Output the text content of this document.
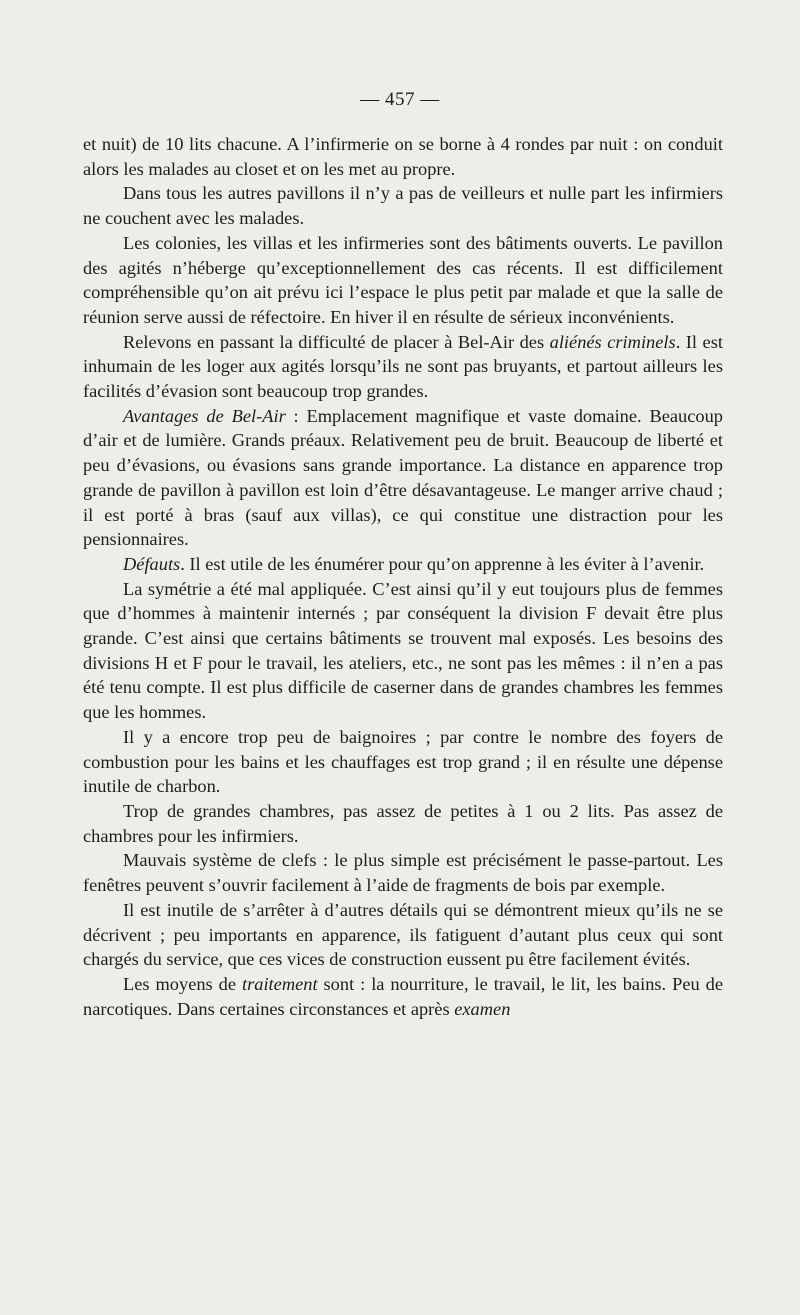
— 457 —

et nuit) de 10 lits chacune. A l’infirmerie on se borne à 4 rondes par nuit : on conduit alors les malades au closet et on les met au propre.

Dans tous les autres pavillons il n’y a pas de veilleurs et nulle part les infirmiers ne couchent avec les malades.

Les colonies, les villas et les infirmeries sont des bâtiments ouverts. Le pavillon des agités n’héberge qu’exceptionnellement des cas récents. Il est difficilement compréhensible qu’on ait prévu ici l’espace le plus petit par malade et que la salle de réunion serve aussi de réfectoire. En hiver il en résulte de sérieux inconvénients.

Relevons en passant la difficulté de placer à Bel-Air des aliénés criminels. Il est inhumain de les loger aux agités lorsqu’ils ne sont pas bruyants, et partout ailleurs les facilités d’évasion sont beaucoup trop grandes.

Avantages de Bel-Air : Emplacement magnifique et vaste domaine. Beaucoup d’air et de lumière. Grands préaux. Relativement peu de bruit. Beaucoup de liberté et peu d’évasions, ou évasions sans grande importance. La distance en apparence trop grande de pavillon à pavillon est loin d’être désavantageuse. Le manger arrive chaud ; il est porté à bras (sauf aux villas), ce qui constitue une distraction pour les pensionnaires.

Défauts. Il est utile de les énumérer pour qu’on apprenne à les éviter à l’avenir.

La symétrie a été mal appliquée. C’est ainsi qu’il y eut toujours plus de femmes que d’hommes à maintenir internés ; par conséquent la division F devait être plus grande. C’est ainsi que certains bâtiments se trouvent mal exposés. Les besoins des divisions H et F pour le travail, les ateliers, etc., ne sont pas les mêmes : il n’en a pas été tenu compte. Il est plus difficile de caserner dans de grandes chambres les femmes que les hommes.

Il y a encore trop peu de baignoires ; par contre le nombre des foyers de combustion pour les bains et les chauffages est trop grand ; il en résulte une dépense inutile de charbon.

Trop de grandes chambres, pas assez de petites à 1 ou 2 lits. Pas assez de chambres pour les infirmiers.

Mauvais système de clefs : le plus simple est précisément le passe-partout. Les fenêtres peuvent s’ouvrir facilement à l’aide de fragments de bois par exemple.

Il est inutile de s’arrêter à d’autres détails qui se démontrent mieux qu’ils ne se décrivent ; peu importants en apparence, ils fatiguent d’autant plus ceux qui sont chargés du service, que ces vices de construction eussent pu être facilement évités.

Les moyens de traitement sont : la nourriture, le travail, le lit, les bains. Peu de narcotiques. Dans certaines circonstances et après examen
